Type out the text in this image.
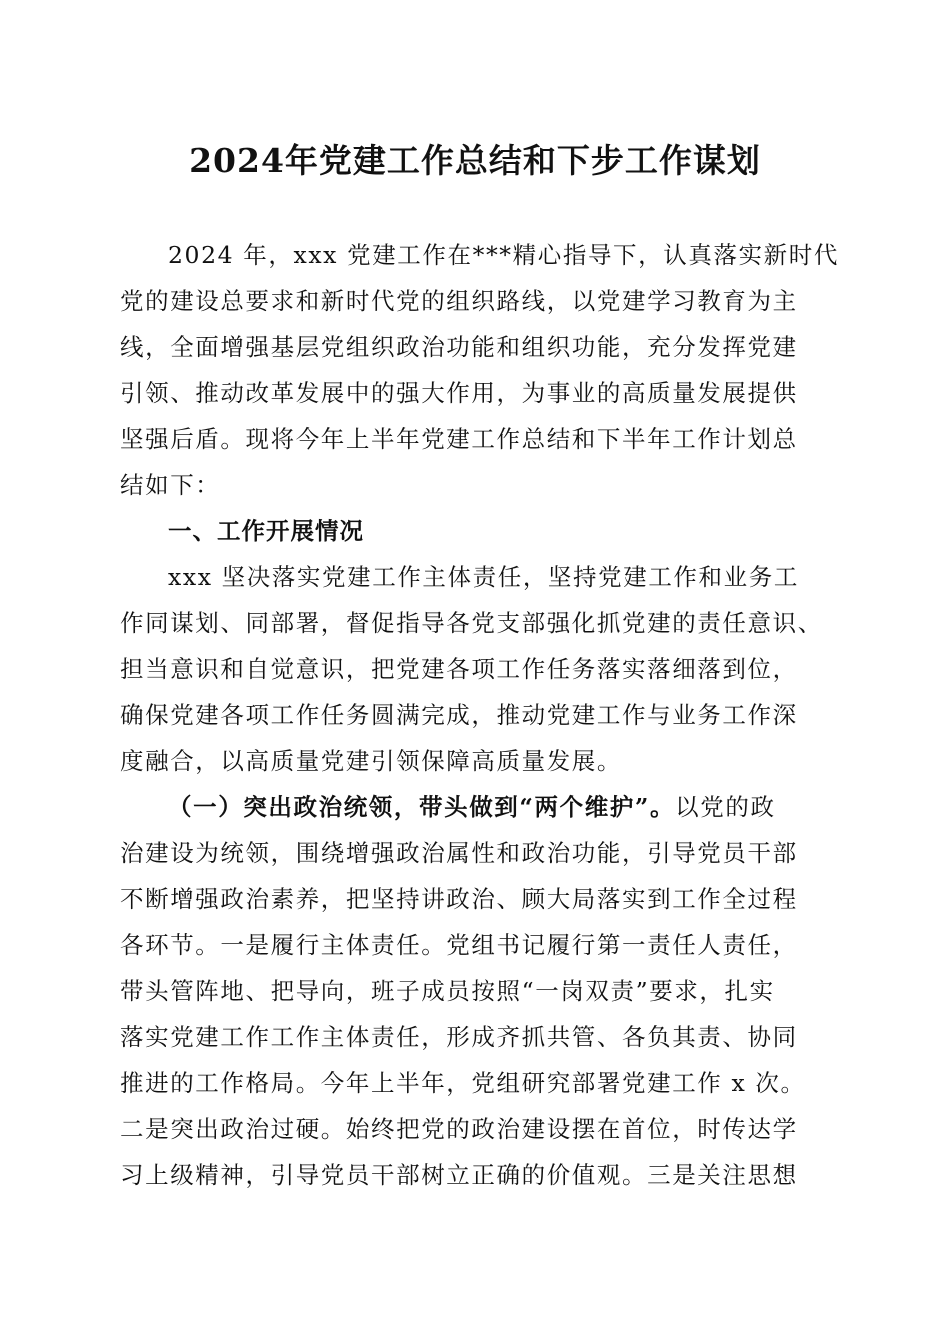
2024年党建工作总结和下步工作谋划
2024 年，xxx 党建工作在***精心指导下，认真落实新时代
党的建设总要求和新时代党的组织路线，以党建学习教育为主
线，全面增强基层党组织政治功能和组织功能，充分发挥党建
引领、推动改革发展中的强大作用，为事业的高质量发展提供
坚强后盾。现将今年上半年党建工作总结和下半年工作计划总
结如下：
一、工作开展情况
xxx 坚决落实党建工作主体责任，坚持党建工作和业务工
作同谋划、同部署，督促指导各党支部强化抓党建的责任意识、
担当意识和自觉意识，把党建各项工作任务落实落细落到位，
确保党建各项工作任务圆满完成，推动党建工作与业务工作深
度融合，以高质量党建引领保障高质量发展。
（一）突出政治统领，带头做到“两个维护”。以党的政
治建设为统领，围绕增强政治属性和政治功能，引导党员干部
不断增强政治素养，把坚持讲政治、顾大局落实到工作全过程
各环节。一是履行主体责任。党组书记履行第一责任人责任，
带头管阵地、把导向，班子成员按照“一岗双责”要求，扎实
落实党建工作工作主体责任，形成齐抓共管、各负其责、协同
推进的工作格局。今年上半年，党组研究部署党建工作 x 次。
二是突出政治过硬。始终把党的政治建设摆在首位，时传达学
习上级精神，引导党员干部树立正确的价值观。三是关注思想
